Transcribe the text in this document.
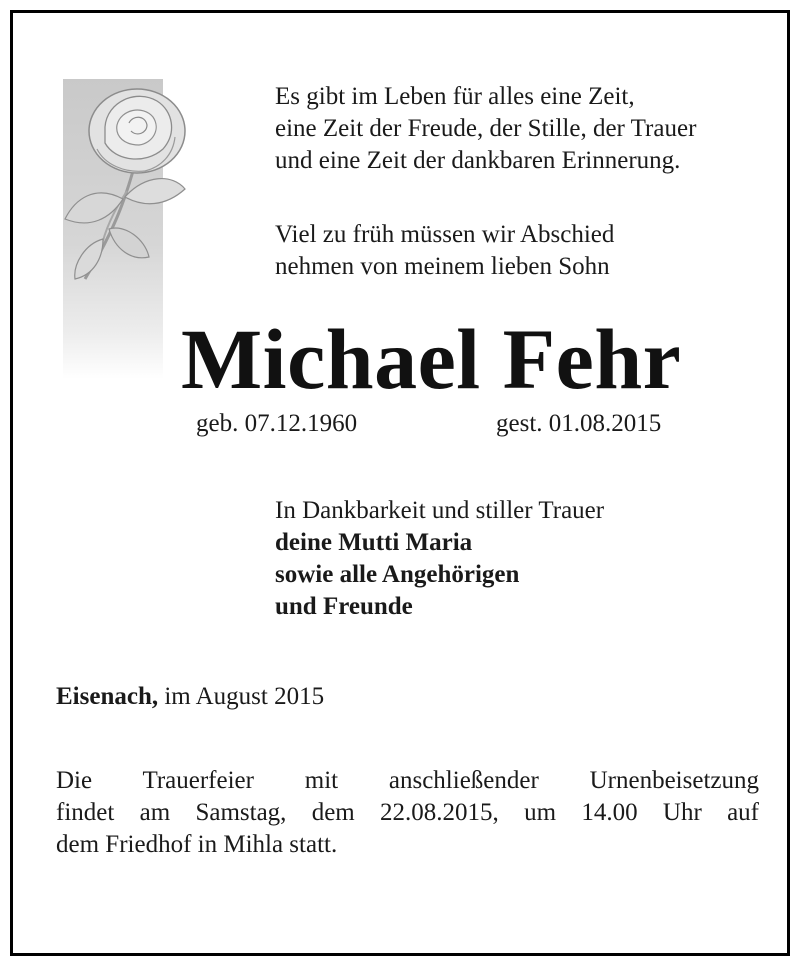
Es gibt im Leben für alles eine Zeit,
eine Zeit der Freude, der Stille, der Trauer
und eine Zeit der dankbaren Erinnerung.
Viel zu früh müssen wir Abschied
nehmen von meinem lieben Sohn
Michael Fehr
geb. 07.12.1960	gest. 01.08.2015
In Dankbarkeit und stiller Trauer
deine Mutti Maria
sowie alle Angehörigen
und Freunde
Eisenach, im August 2015
Die Trauerfeier mit anschließender Urnenbeisetzung
findet am Samstag, dem 22.08.2015, um 14.00 Uhr auf
dem Friedhof in Mihla statt.
